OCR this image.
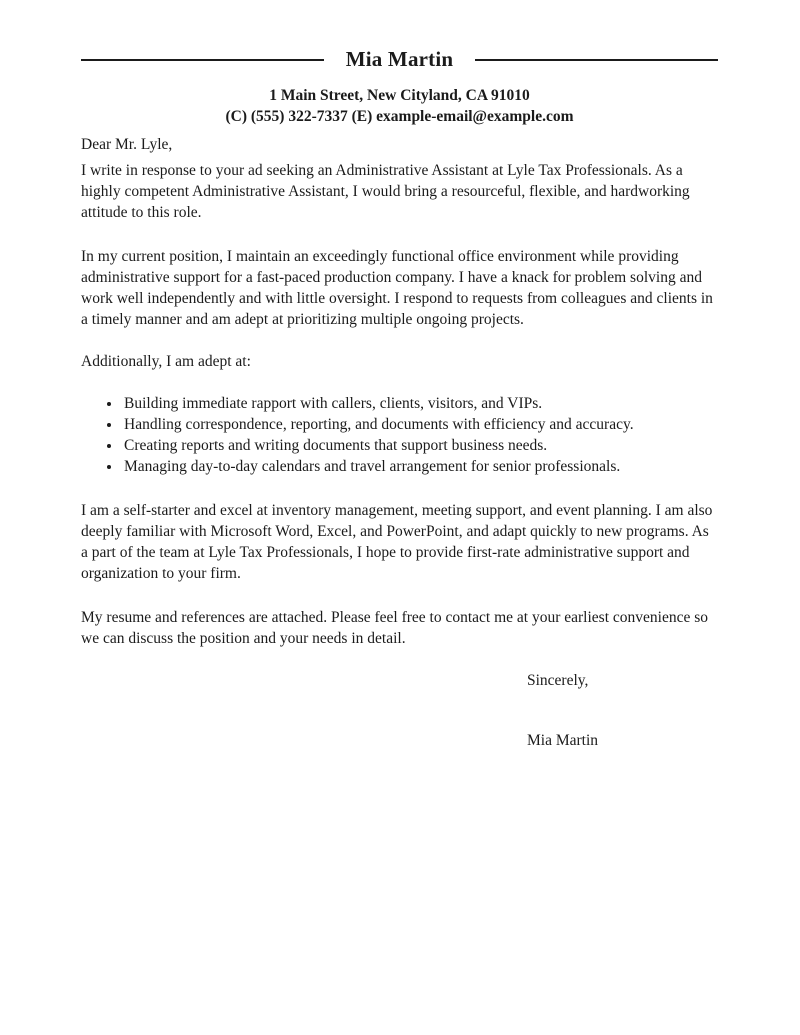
Mia Martin
1 Main Street, New Cityland, CA 91010
(C) (555) 322-7337 (E) example-email@example.com
Dear Mr. Lyle,

I write in response to your ad seeking an Administrative Assistant at Lyle Tax Professionals. As a highly competent Administrative Assistant, I would bring a resourceful, flexible, and hardworking attitude to this role.

In my current position, I maintain an exceedingly functional office environment while providing administrative support for a fast-paced production company. I have a knack for problem solving and work well independently and with little oversight. I respond to requests from colleagues and clients in a timely manner and am adept at prioritizing multiple ongoing projects.

Additionally, I am adept at:
• Building immediate rapport with callers, clients, visitors, and VIPs.
• Handling correspondence, reporting, and documents with efficiency and accuracy.
• Creating reports and writing documents that support business needs.
• Managing day-to-day calendars and travel arrangement for senior professionals.

I am a self-starter and excel at inventory management, meeting support, and event planning. I am also deeply familiar with Microsoft Word, Excel, and PowerPoint, and adapt quickly to new programs. As a part of the team at Lyle Tax Professionals, I hope to provide first-rate administrative support and organization to your firm.

My resume and references are attached. Please feel free to contact me at your earliest convenience so we can discuss the position and your needs in detail.

Sincerely,
Mia Martin
